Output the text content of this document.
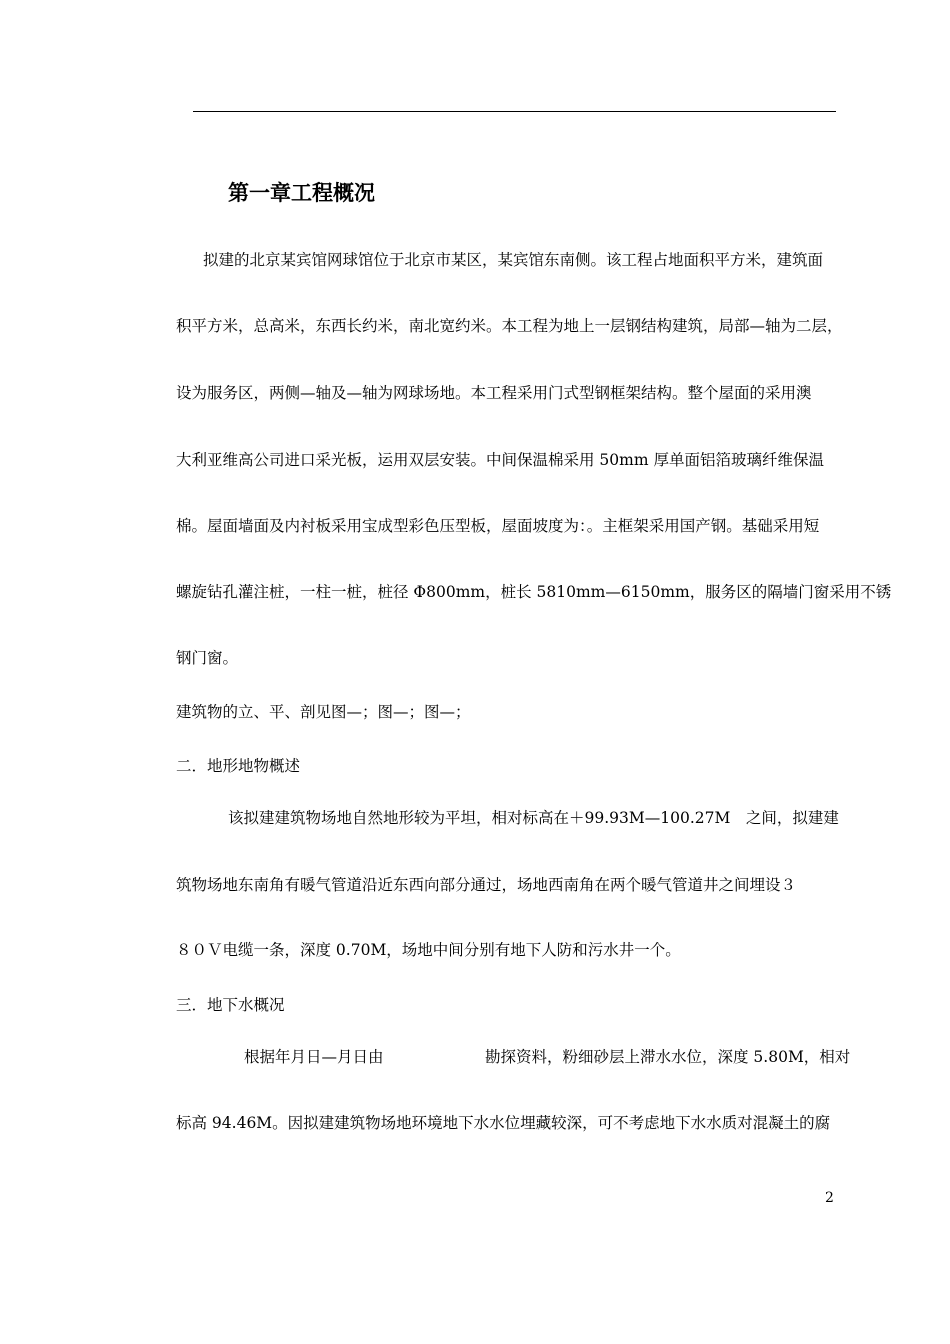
第一章工程概况
拟建的北京某宾馆网球馆位于北京市某区，某宾馆东南侧。该工程占地面积平方米，建筑面
积平方米，总高米，东西长约米，南北宽约米。本工程为地上一层钢结构建筑，局部—轴为二层，
设为服务区，两侧—轴及—轴为网球场地。本工程采用门式型钢框架结构。整个屋面的采用澳
大利亚维高公司进口采光板，运用双层安装。中间保温棉采用 50mm 厚单面铝箔玻璃纤维保温
棉。屋面墙面及内衬板采用宝成型彩色压型板，屋面坡度为：。主框架采用国产钢。基础采用短
螺旋钻孔灌注桩，一柱一桩，桩径 Φ800mm，桩长 5810mm—6150mm，服务区的隔墙门窗采用不锈
钢门窗。
建筑物的立、平、剖见图—；图—；图—；
二．地形地物概述
该拟建建筑物场地自然地形较为平坦，相对标高在＋99.93M—100.27M　之间，拟建建
筑物场地东南角有暖气管道沿近东西向部分通过，场地西南角在两个暖气管道井之间埋设３
８０Ｖ电缆一条，深度 0.70M，场地中间分别有地下人防和污水井一个。
三．地下水概况
根据年月日—月日由	勘探资料，粉细砂层上滞水水位，深度 5.80M，相对
标高 94.46M。因拟建建筑物场地环境地下水水位埋藏较深，可不考虑地下水水质对混凝土的腐
2
